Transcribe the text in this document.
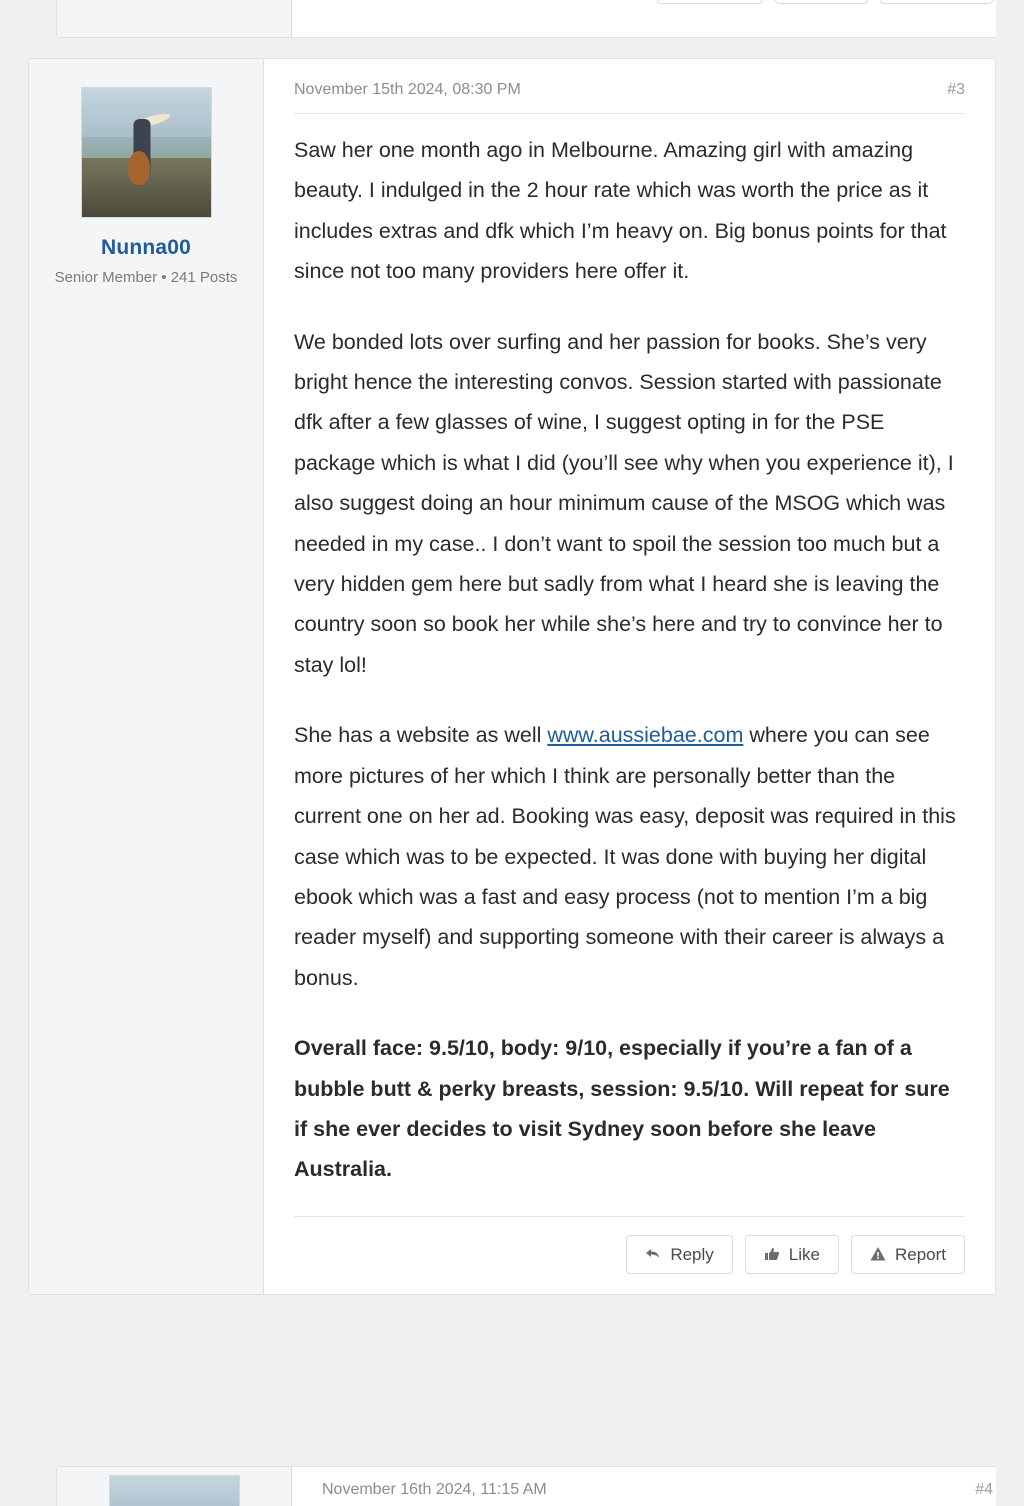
Nunna00
Senior Member • 241 Posts
November 15th 2024, 08:30 PM	#3

Saw her one month ago in Melbourne. Amazing girl with amazing beauty. I indulged in the 2 hour rate which was worth the price as it includes extras and dfk which I’m heavy on. Big bonus points for that since not too many providers here offer it.

We bonded lots over surfing and her passion for books. She’s very bright hence the interesting convos. Session started with passionate dfk after a few glasses of wine, I suggest opting in for the PSE package which is what I did (you’ll see why when you experience it), I also suggest doing an hour minimum cause of the MSOG which was needed in my case.. I don’t want to spoil the session too much but a very hidden gem here but sadly from what I heard she is leaving the country soon so book her while she’s here and try to convince her to stay lol!

She has a website as well www.aussiebae.com where you can see more pictures of her which I think are personally better than the current one on her ad. Booking was easy, deposit was required in this case which was to be expected. It was done with buying her digital ebook which was a fast and easy process (not to mention I’m a big reader myself) and supporting someone with their career is always a bonus.

Overall face: 9.5/10, body: 9/10, especially if you’re a fan of a bubble butt & perky breasts, session: 9.5/10. Will repeat for sure if she ever decides to visit Sydney soon before she leave Australia.

Reply	Like	Report
November 16th 2024, 11:15 AM	#4
